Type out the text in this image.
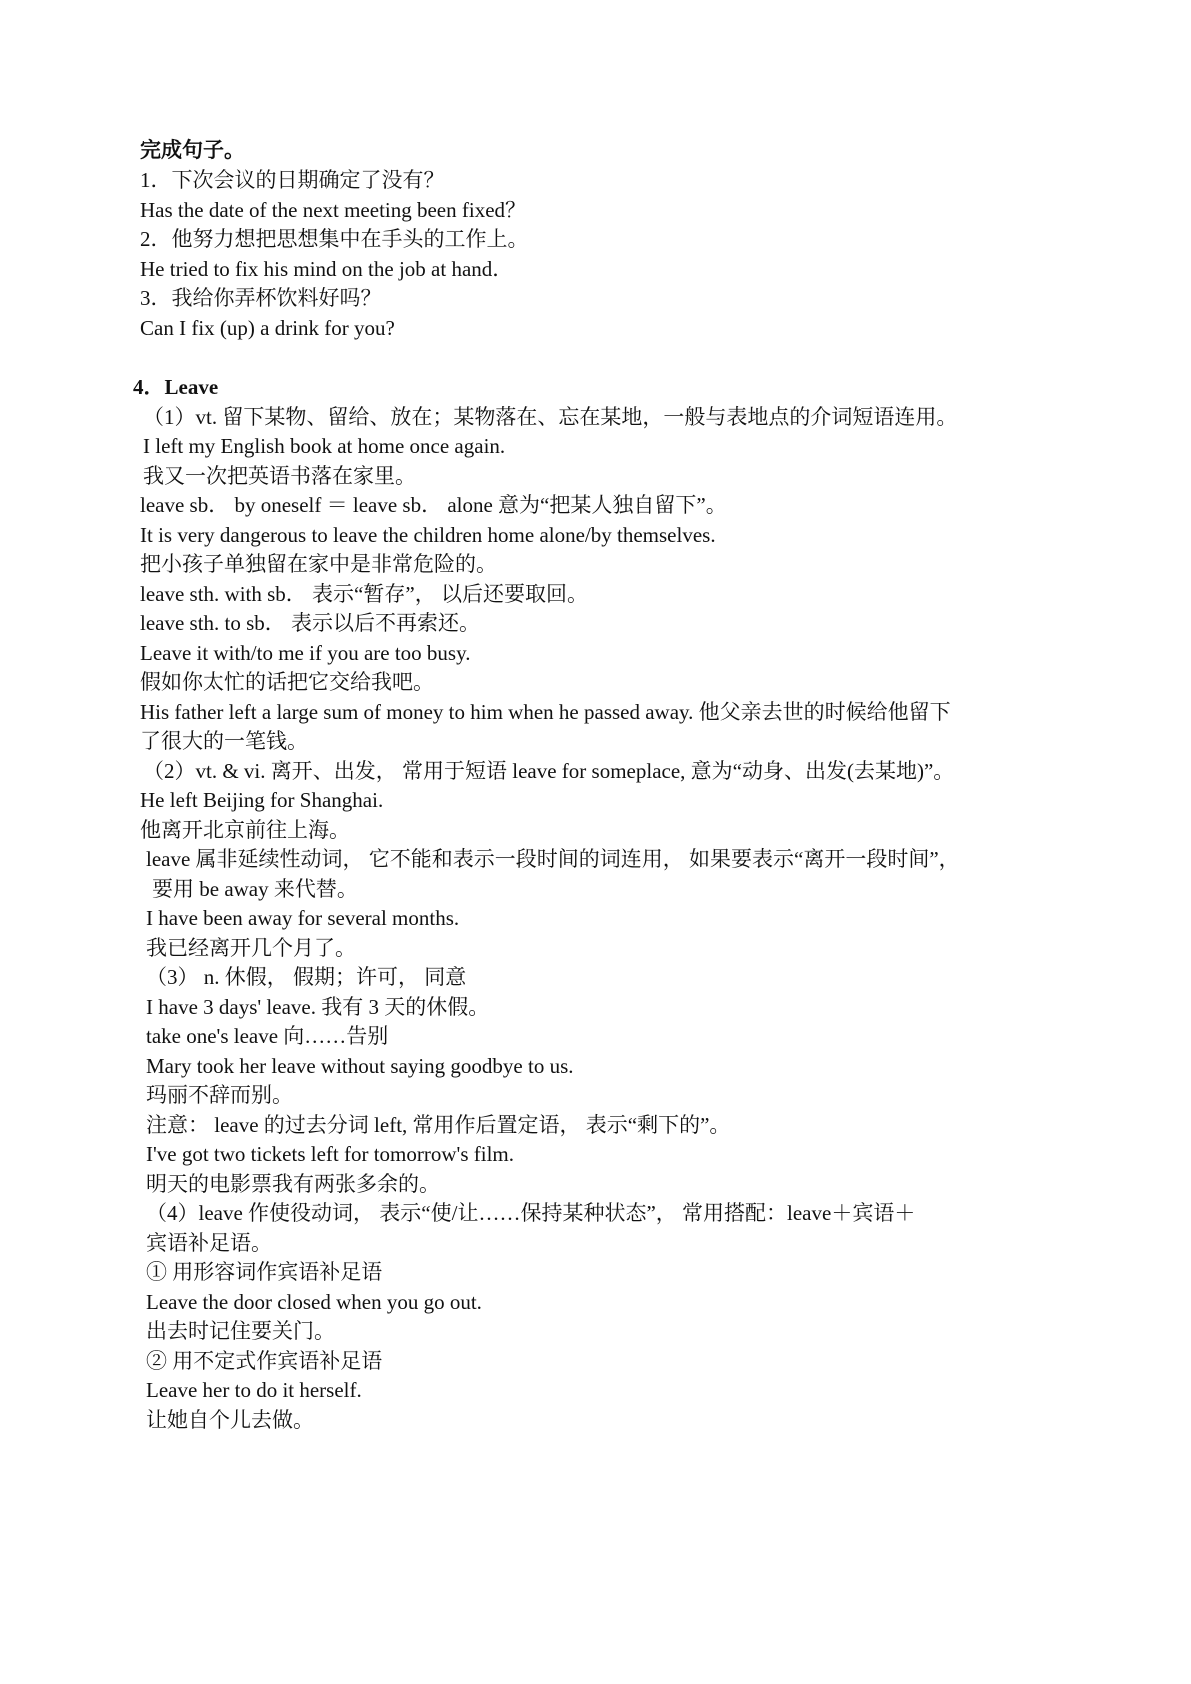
完成句子。
1．下次会议的日期确定了没有？
Has the date of the next meeting been fixed？
2．他努力想把思想集中在手头的工作上。
He tried to fix his mind on the job at hand．
3．我给你弄杯饮料好吗？
Can I fix (up) a drink for you?
4．Leave
（1）vt. 留下某物、留给、放在；某物落在、忘在某地，一般与表地点的介词短语连用。
I left my English book at home once again.
我又一次把英语书落在家里。
leave sb． by oneself ＝ leave sb． alone 意为“把某人独自留下”。
It is very dangerous to leave the children home alone/by themselves.
把小孩子单独留在家中是非常危险的。
leave sth. with sb． 表示“暂存”， 以后还要取回。
leave sth. to sb． 表示以后不再索还。
Leave it with/to me if you are too busy.
假如你太忙的话把它交给我吧。
His father left a large sum of money to him when he passed away. 他父亲去世的时候给他留下
了很大的一笔钱。
（2）vt. & vi. 离开、出发， 常用于短语 leave for someplace, 意为“动身、出发(去某地)”。
He left Beijing for Shanghai.
他离开北京前往上海。
leave 属非延续性动词， 它不能和表示一段时间的词连用， 如果要表示“离开一段时间”，
要用 be away 来代替。
I have been away for several months.
我已经离开几个月了。
（3） n. 休假， 假期；许可， 同意
I have 3 days' leave. 我有 3 天的休假。
take one's leave 向……告别
Mary took her leave without saying goodbye to us.
玛丽不辞而别。
注意： leave 的过去分词 left, 常用作后置定语， 表示“剩下的”。
I've got two tickets left for tomorrow's film.
明天的电影票我有两张多余的。
（4）leave 作使役动词， 表示“使/让……保持某种状态”， 常用搭配：leave＋宾语＋
宾语补足语。
① 用形容词作宾语补足语
Leave the door closed when you go out.
出去时记住要关门。
② 用不定式作宾语补足语
Leave her to do it herself.
让她自个儿去做。
